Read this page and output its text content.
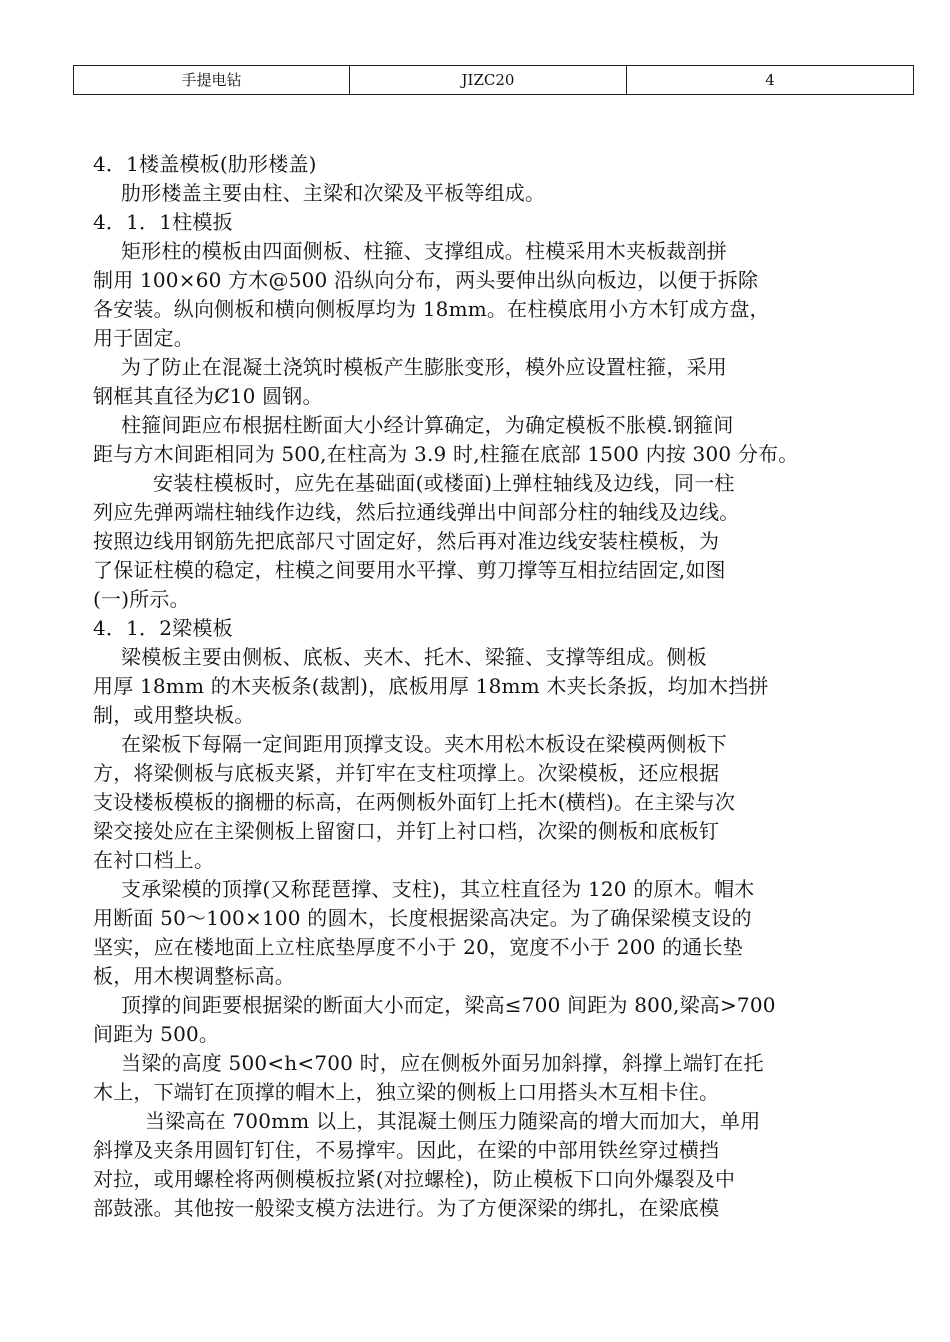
手提电钻	JIZC20	4
4．1楼盖模板(肋形楼盖)
肋形楼盖主要由柱、主梁和次梁及平板等组成。
4．1．1柱模扳
矩形柱的模板由四面侧板、柱箍、支撑组成。柱模采用木夹板裁剖拼
制用 100×60 方木@500 沿纵向分布，两头要伸出纵向板边，以便于拆除
各安装。纵向侧板和横向侧板厚均为 18mm。在柱模底用小方木钉成方盘，
用于固定。
为了防止在混凝土浇筑时模板产生膨胀变形，模外应设置柱箍，采用
钢框其直径为Ȼ10 圆钢。
柱箍间距应布根据柱断面大小经计算确定，为确定模板不胀模.钢箍间
距与方木间距相同为 500,在柱高为 3.9 时,柱箍在底部 1500 内按 300 分布。
安装柱模板时，应先在基础面(或楼面)上弹柱轴线及边线，同一柱
列应先弹两端柱轴线作边线，然后拉通线弹出中间部分柱的轴线及边线。
按照边线用钢筋先把底部尺寸固定好，然后再对准边线安装柱模板，为
了保证柱模的稳定，柱模之间要用水平撑、剪刀撑等互相拉结固定,如图
(一)所示。
4．1．2梁模板
梁模板主要由侧板、底板、夹木、托木、梁箍、支撑等组成。侧板
用厚 18mm 的木夹板条(裁割)，底板用厚 18mm 木夹长条扳，均加木挡拼
制，或用整块板。
在梁板下每隔一定间距用顶撑支设。夹木用松木板设在梁模两侧板下
方，将梁侧板与底板夹紧，并钉牢在支柱项撑上。次梁模板，还应根据
支设楼板模板的搁栅的标高，在两侧板外面钉上托木(横档)。在主梁与次
梁交接处应在主梁侧板上留窗口，并钉上衬口档，次梁的侧板和底板钉
在衬口档上。
支承梁模的顶撑(又称琵琶撑、支柱)，其立柱直径为 120 的原木。帽木
用断面 50～100×100 的圆木，长度根据梁高决定。为了确保梁模支设的
坚实，应在楼地面上立柱底垫厚度不小于 20，宽度不小于 200 的通长垫
板，用木楔调整标高。
顶撑的间距要根据梁的断面大小而定，梁高≤700 间距为 800,梁高>700
间距为 500。
当梁的高度 500<h<700 时，应在侧板外面另加斜撑，斜撑上端钉在托
木上，下端钉在顶撑的帽木上，独立梁的侧板上口用搭头木互相卡住。
当梁高在 700mm 以上，其混凝土侧压力随梁高的增大而加大，单用
斜撑及夹条用圆钉钉住，不易撑牢。因此，在梁的中部用铁丝穿过横挡
对拉，或用螺栓将两侧模板拉紧(对拉螺栓)，防止模板下口向外爆裂及中
部鼓涨。其他按一般梁支模方法进行。为了方便深梁的绑扎，在梁底模
